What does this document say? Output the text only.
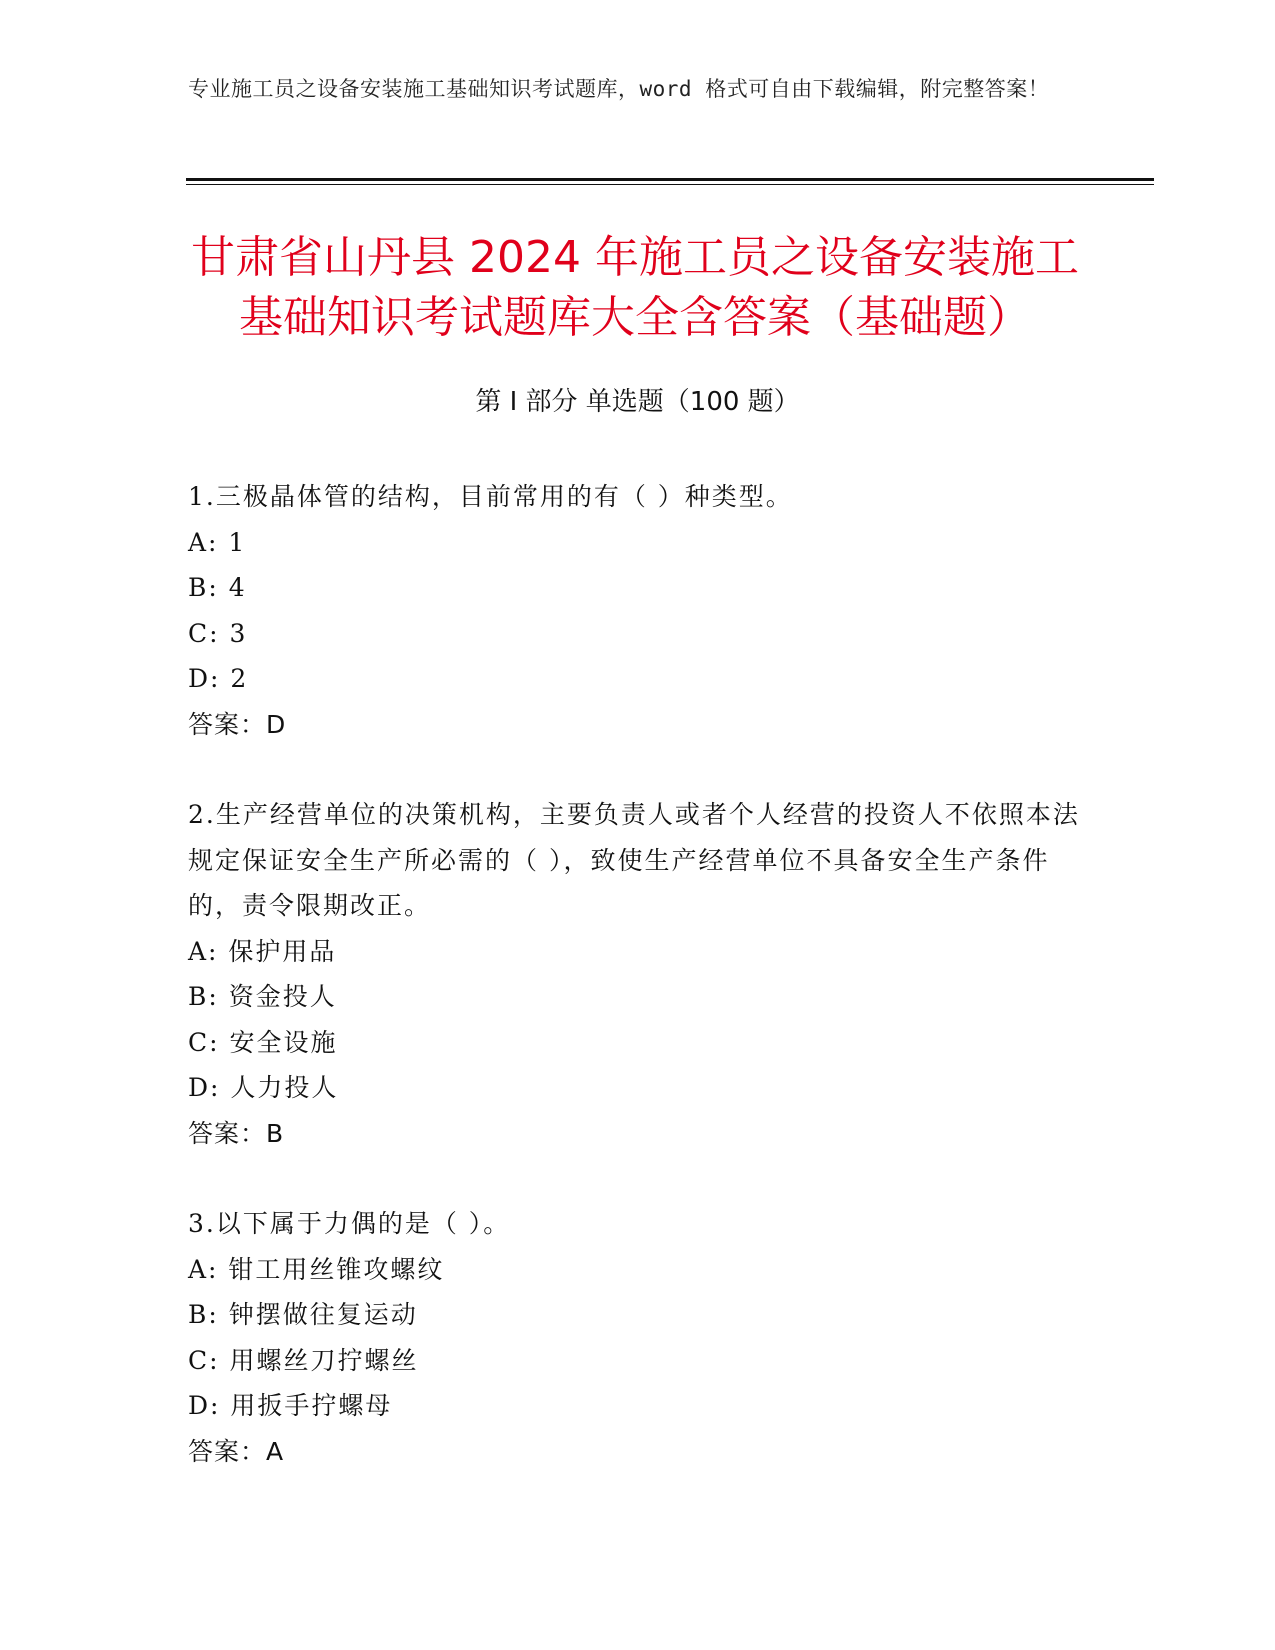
专业施工员之设备安装施工基础知识考试题库，word 格式可自由下载编辑，附完整答案！
甘肃省山丹县 2024 年施工员之设备安装施工
基础知识考试题库大全含答案（基础题）
第 I 部分 单选题（100 题）

1.三极晶体管的结构，目前常用的有（ ）种类型。

A: 1

B: 4

C: 3

D: 2

答案：D

2.生产经营单位的决策机构，主要负责人或者个人经营的投资人不依照本法规定保证安全生产所必需的（ ），致使生产经营单位不具备安全生产条件的，责令限期改正。

A: 保护用品

B: 资金投人

C: 安全设施

D: 人力投人

答案：B

3.以下属于力偶的是（ ）。

A: 钳工用丝锥攻螺纹

B: 钟摆做往复运动

C: 用螺丝刀拧螺丝

D: 用扳手拧螺母

答案：A
